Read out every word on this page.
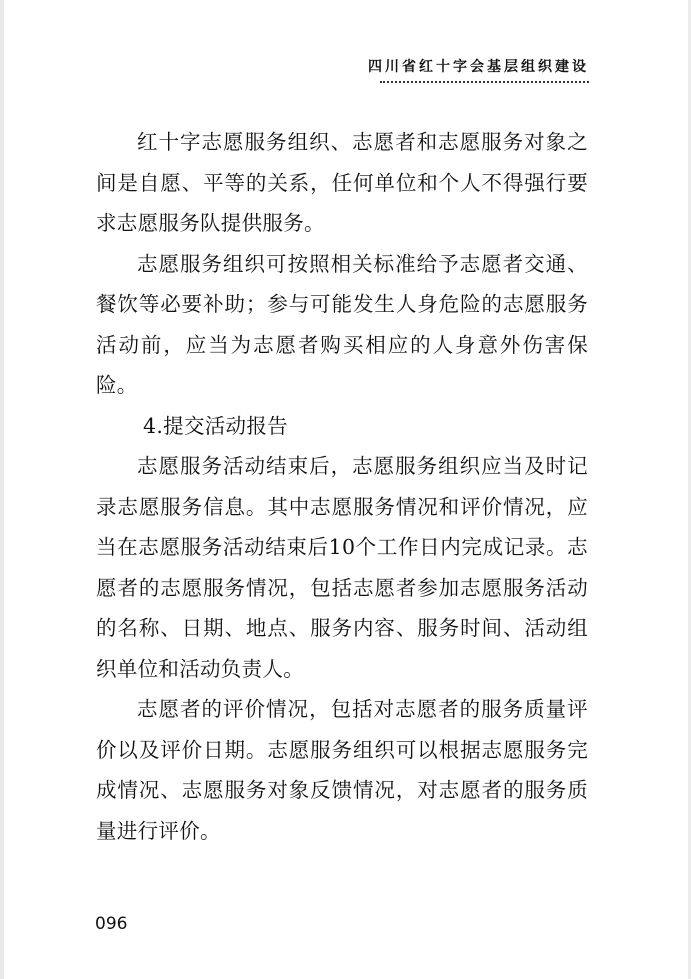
四川省红十字会基层组织建设

红十字志愿服务组织、志愿者和志愿服务对象之间是自愿、平等的关系，任何单位和个人不得强行要求志愿服务队提供服务。

志愿服务组织可按照相关标准给予志愿者交通、餐饮等必要补助；参与可能发生人身危险的志愿服务活动前，应当为志愿者购买相应的人身意外伤害保险。

4.提交活动报告

志愿服务活动结束后，志愿服务组织应当及时记录志愿服务信息。其中志愿服务情况和评价情况，应当在志愿服务活动结束后10个工作日内完成记录。志愿者的志愿服务情况，包括志愿者参加志愿服务活动的名称、日期、地点、服务内容、服务时间、活动组织单位和活动负责人。

志愿者的评价情况，包括对志愿者的服务质量评价以及评价日期。志愿服务组织可以根据志愿服务完成情况、志愿服务对象反馈情况，对志愿者的服务质量进行评价。

096
